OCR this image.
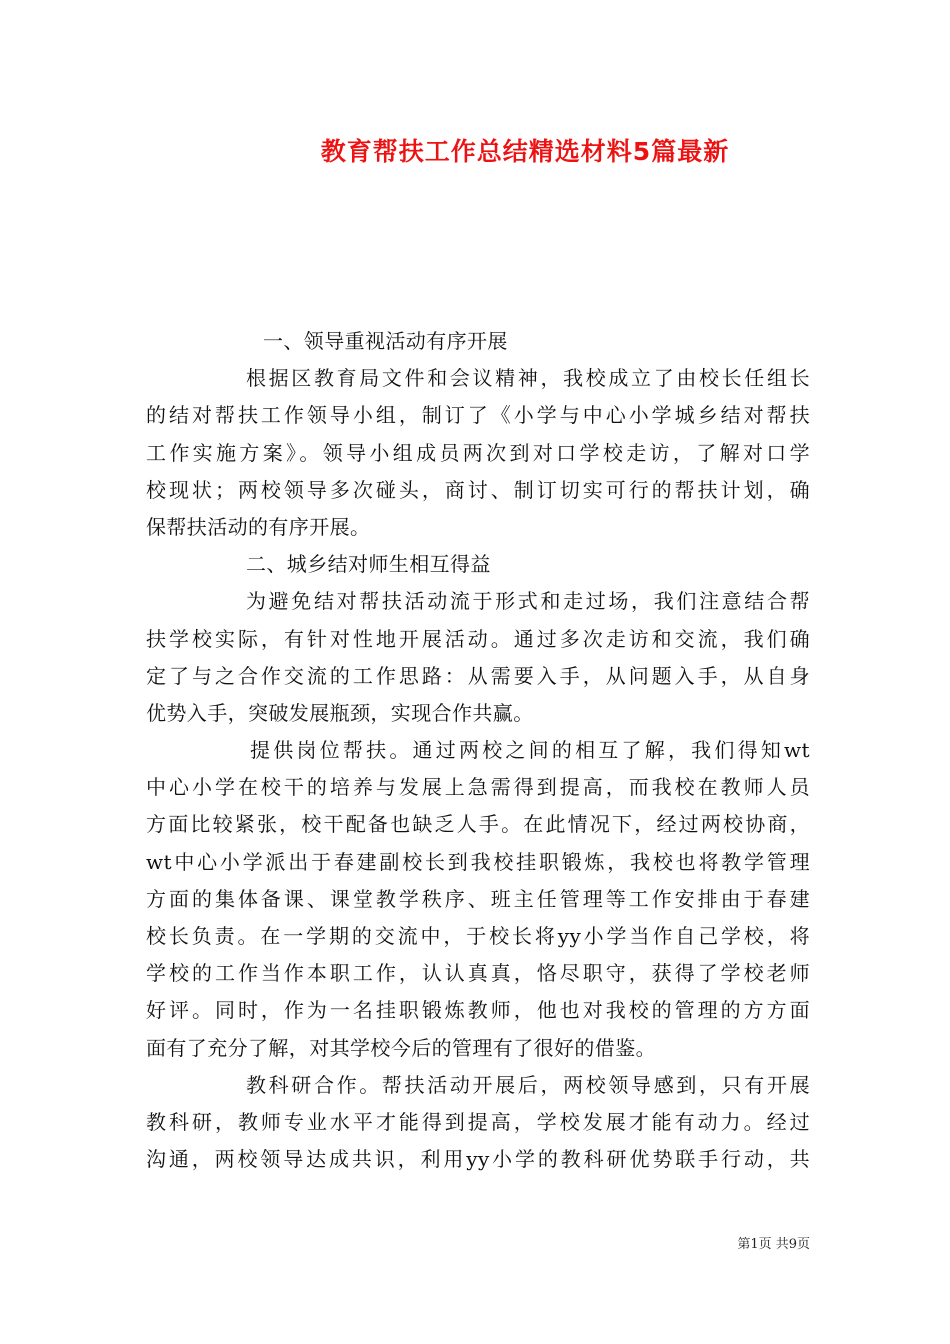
教育帮扶工作总结精选材料5篇最新
一、领导重视活动有序开展
根据区教育局文件和会议精神，我校成立了由校长任组长
的结对帮扶工作领导小组，制订了《小学与中心小学城乡结对帮扶
工作实施方案》。领导小组成员两次到对口学校走访，了解对口学
校现状；两校领导多次碰头，商讨、制订切实可行的帮扶计划，确
保帮扶活动的有序开展。
二、城乡结对师生相互得益
为避免结对帮扶活动流于形式和走过场，我们注意结合帮
扶学校实际，有针对性地开展活动。通过多次走访和交流，我们确
定了与之合作交流的工作思路：从需要入手，从问题入手，从自身
优势入手，突破发展瓶颈，实现合作共赢。
提供岗位帮扶。通过两校之间的相互了解，我们得知wt
中心小学在校干的培养与发展上急需得到提高，而我校在教师人员
方面比较紧张，校干配备也缺乏人手。在此情况下，经过两校协商，
wt中心小学派出于春建副校长到我校挂职锻炼，我校也将教学管理
方面的集体备课、课堂教学秩序、班主任管理等工作安排由于春建
校长负责。在一学期的交流中，于校长将yy小学当作自己学校，将
学校的工作当作本职工作，认认真真，恪尽职守，获得了学校老师
好评。同时，作为一名挂职锻炼教师，他也对我校的管理的方方面
面有了充分了解，对其学校今后的管理有了很好的借鉴。
教科研合作。帮扶活动开展后，两校领导感到，只有开展
教科研，教师专业水平才能得到提高，学校发展才能有动力。经过
沟通，两校领导达成共识，利用yy小学的教科研优势联手行动，共
第1页 共9页
